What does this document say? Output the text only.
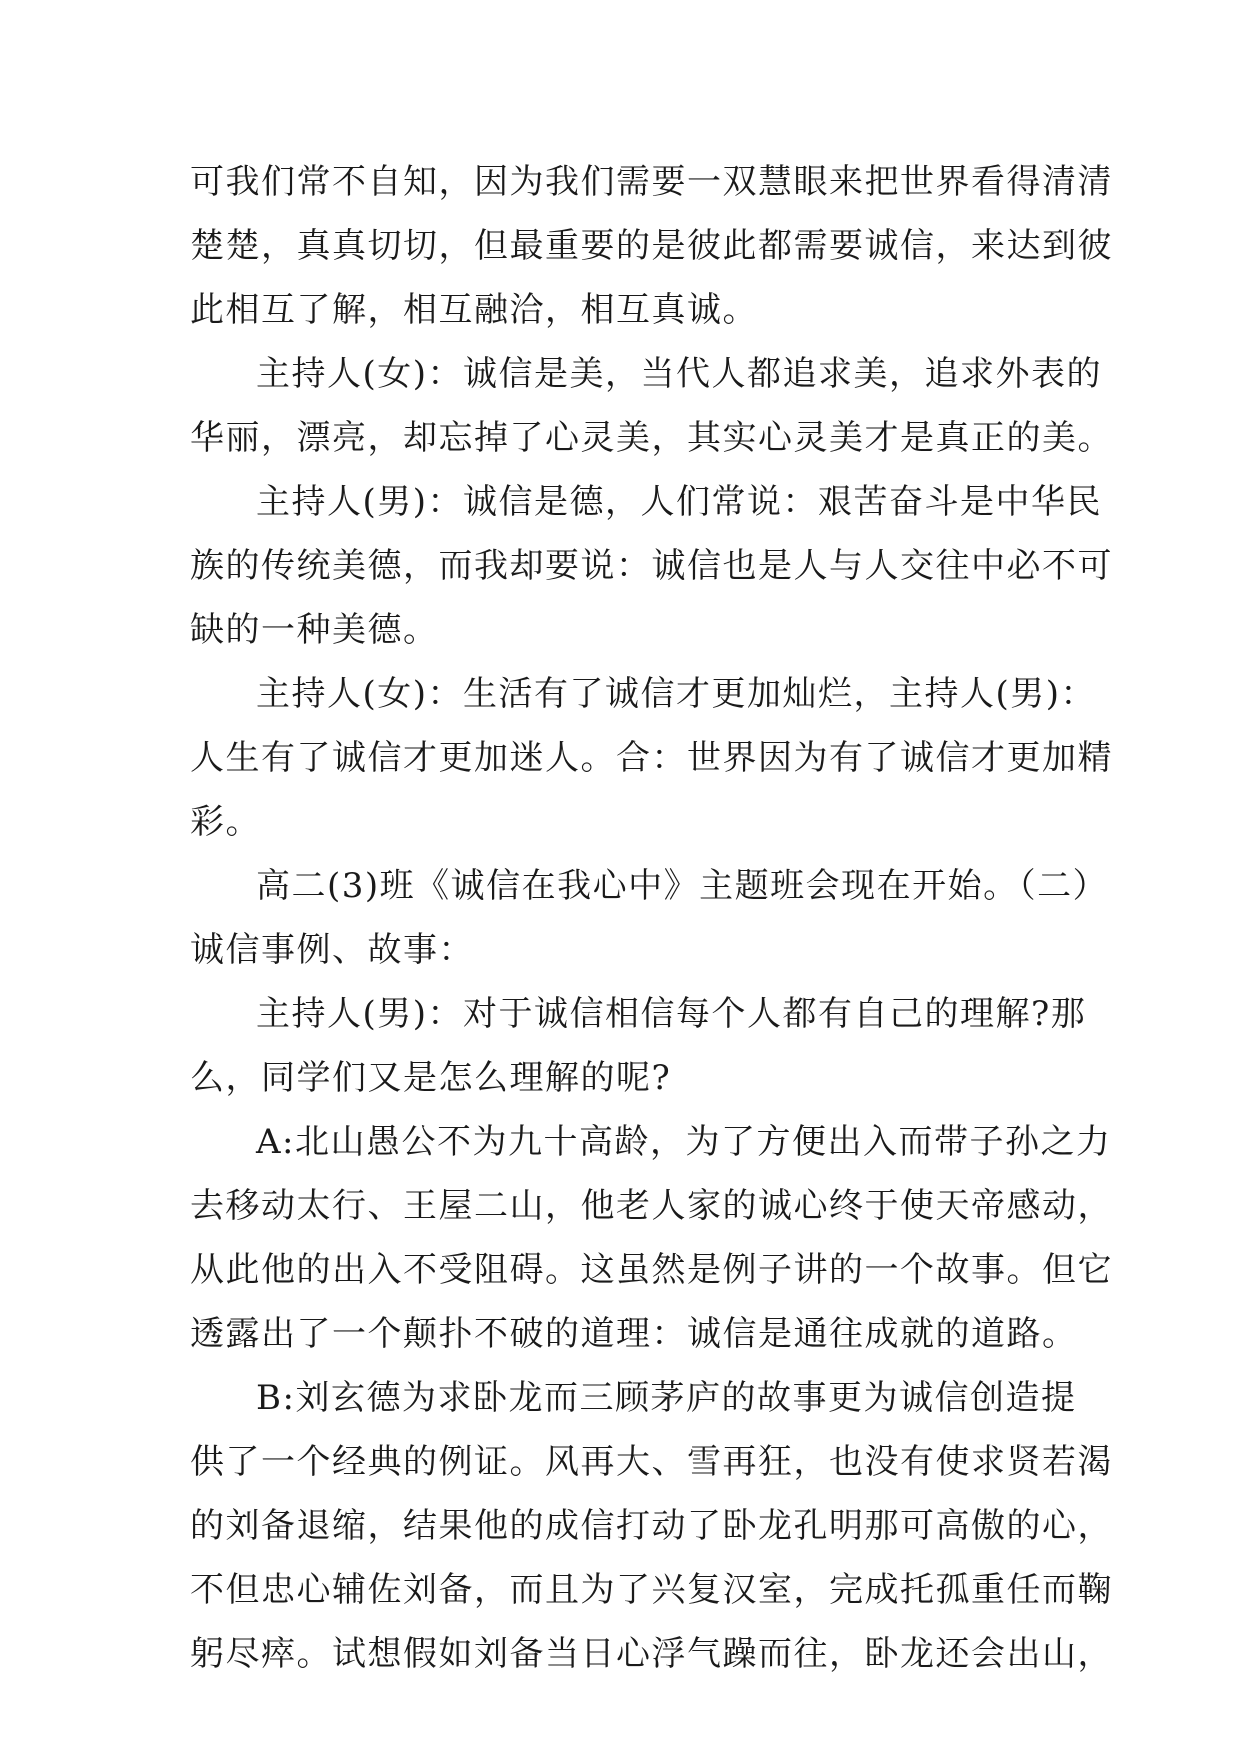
可我们常不自知，因为我们需要一双慧眼来把世界看得清清
楚楚，真真切切，但最重要的是彼此都需要诚信，来达到彼
此相互了解，相互融洽，相互真诚。
主持人(女)：诚信是美，当代人都追求美，追求外表的
华丽，漂亮，却忘掉了心灵美，其实心灵美才是真正的美。
主持人(男)：诚信是德，人们常说：艰苦奋斗是中华民
族的传统美德，而我却要说：诚信也是人与人交往中必不可
缺的一种美德。
主持人(女)：生活有了诚信才更加灿烂，主持人(男)：
人生有了诚信才更加迷人。合：世界因为有了诚信才更加精
彩。
高二(3)班《诚信在我心中》主题班会现在开始。（二）
诚信事例、故事：
主持人(男)：对于诚信相信每个人都有自己的理解?那
么，同学们又是怎么理解的呢?
A:北山愚公不为九十高龄，为了方便出入而带子孙之力
去移动太行、王屋二山，他老人家的诚心终于使天帝感动，
从此他的出入不受阻碍。这虽然是例子讲的一个故事。但它
透露出了一个颠扑不破的道理：诚信是通往成就的道路。
B:刘玄德为求卧龙而三顾茅庐的故事更为诚信创造提
供了一个经典的例证。风再大、雪再狂，也没有使求贤若渴
的刘备退缩，结果他的成信打动了卧龙孔明那可高傲的心，
不但忠心辅佐刘备，而且为了兴复汉室，完成托孤重任而鞠
躬尽瘁。试想假如刘备当日心浮气躁而往，卧龙还会出山，
